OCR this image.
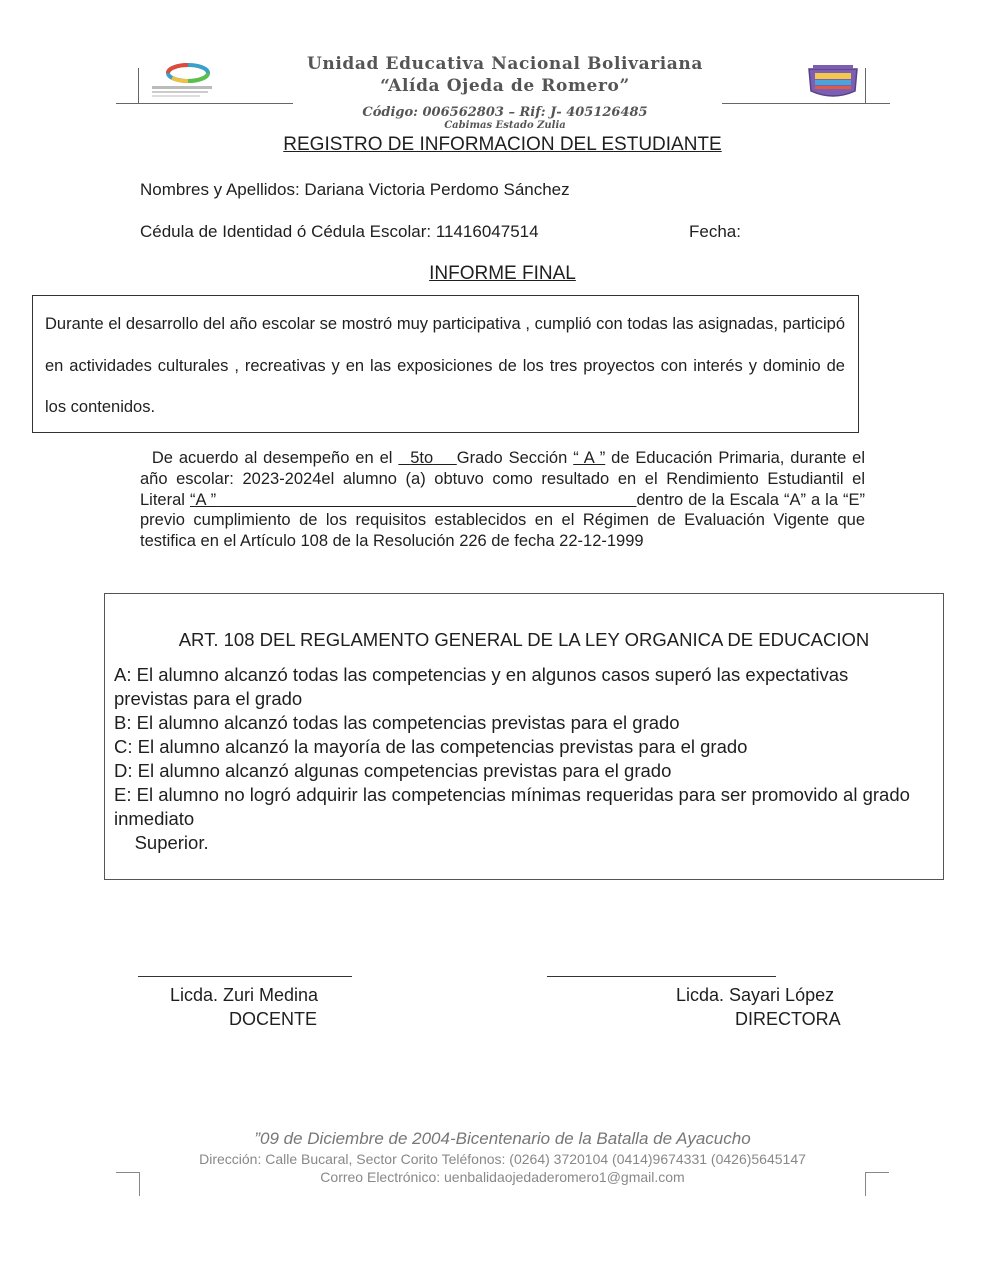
Unidad Educativa Nacional Bolivariana
“Alída Ojeda de Romero”
Código: 006562803 – Rif: J- 405126485
Cabimas Estado Zulia
REGISTRO DE INFORMACION DEL ESTUDIANTE
Nombres y Apellidos: Dariana Victoria Perdomo Sánchez
Cédula de Identidad ó Cédula Escolar: 11416047514	Fecha:
INFORME FINAL
Durante el desarrollo del año escolar se mostró muy participativa , cumplió con todas las asignadas, participó en actividades culturales , recreativas y en las exposiciones de los tres proyectos con interés y dominio de los contenidos.
De acuerdo al desempeño en el 5to Grado Sección “ A ” de Educación Primaria, durante el año escolar: 2023-2024el alumno (a) obtuvo como resultado en el Rendimiento Estudiantil el Literal “A ”	dentro de la Escala “A” a la “E” previo cumplimiento de los requisitos establecidos en el Régimen de Evaluación Vigente que testifica en el Artículo 108 de la Resolución 226 de fecha 22-12-1999
ART. 108 DEL REGLAMENTO GENERAL DE LA LEY ORGANICA DE EDUCACION

A: El alumno alcanzó todas las competencias y en algunos casos superó las expectativas previstas para el grado

B: El alumno alcanzó todas las competencias previstas para el grado

C: El alumno alcanzó la mayoría de las competencias previstas para el grado

D: El alumno alcanzó algunas competencias previstas para el grado

E: El alumno no logró adquirir las competencias mínimas requeridas para ser promovido al grado inmediato

Superior.

Licda. Zuri Medina
DOCENTE
Licda. Sayari López
DIRECTORA
”09 de Diciembre de 2004-Bicentenario de la Batalla de Ayacucho
Dirección: Calle Bucaral, Sector Corito Teléfonos: (0264) 3720104 (0414)9674331 (0426)5645147
Correo Electrónico: uenbalidaojedaderomero1@gmail.com
